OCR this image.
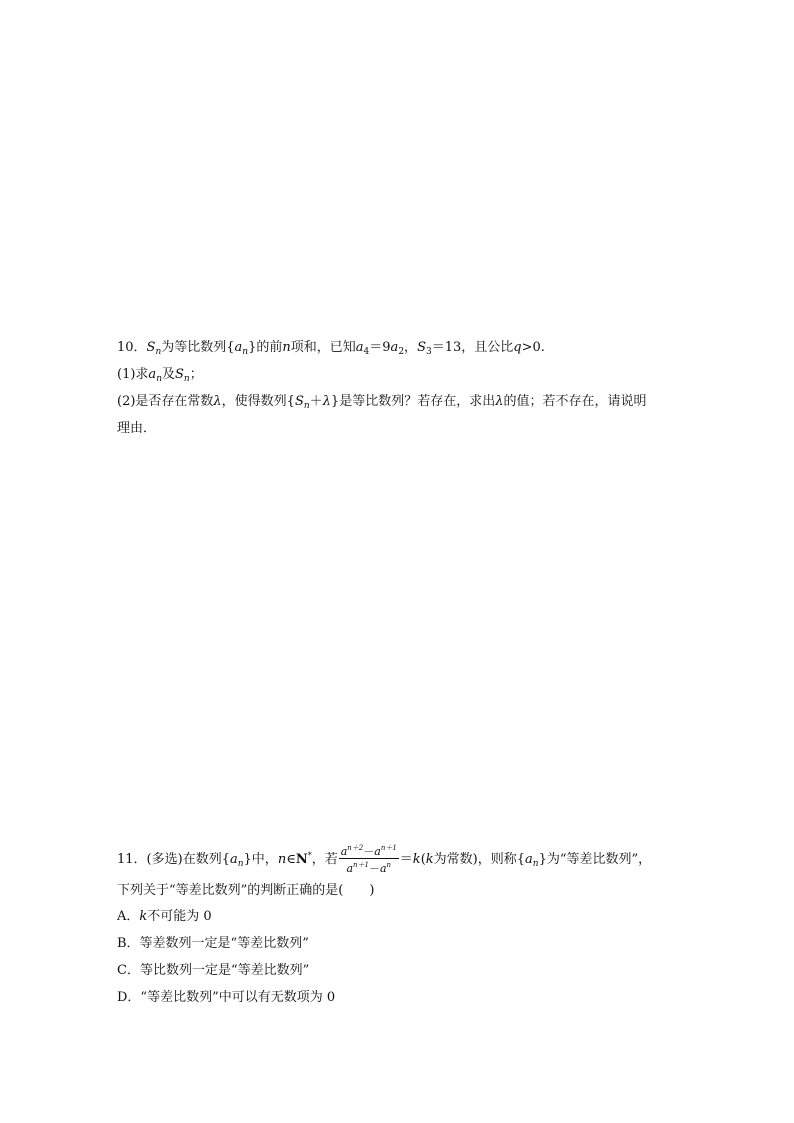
10．$S_n$为等比数列$\{a_n\}$的前n项和，已知$a_4=9a_2$，$S_3=13$，且公比q>0.
(1)求$a_n$及$S_n$；
(2)是否存在常数λ，使得数列$\{S_n+\lambda\}$是等比数列？若存在，求出λ的值；若不存在，请说明
理由．
11．(多选)在数列$\{a_n\}$中，n∈N*，若 $\frac{a^{n+2}-a^{n+1}}{a^{n+1}-a^n} =k(k$为常数)，则称$\{a_n\}$为“等差比数列”，
下列关于“等差比数列”的判断正确的是(　　)
A．k不可能为 0
B．等差数列一定是“等差比数列”
C．等比数列一定是“等差比数列”
D．“等差比数列”中可以有无数项为 0
